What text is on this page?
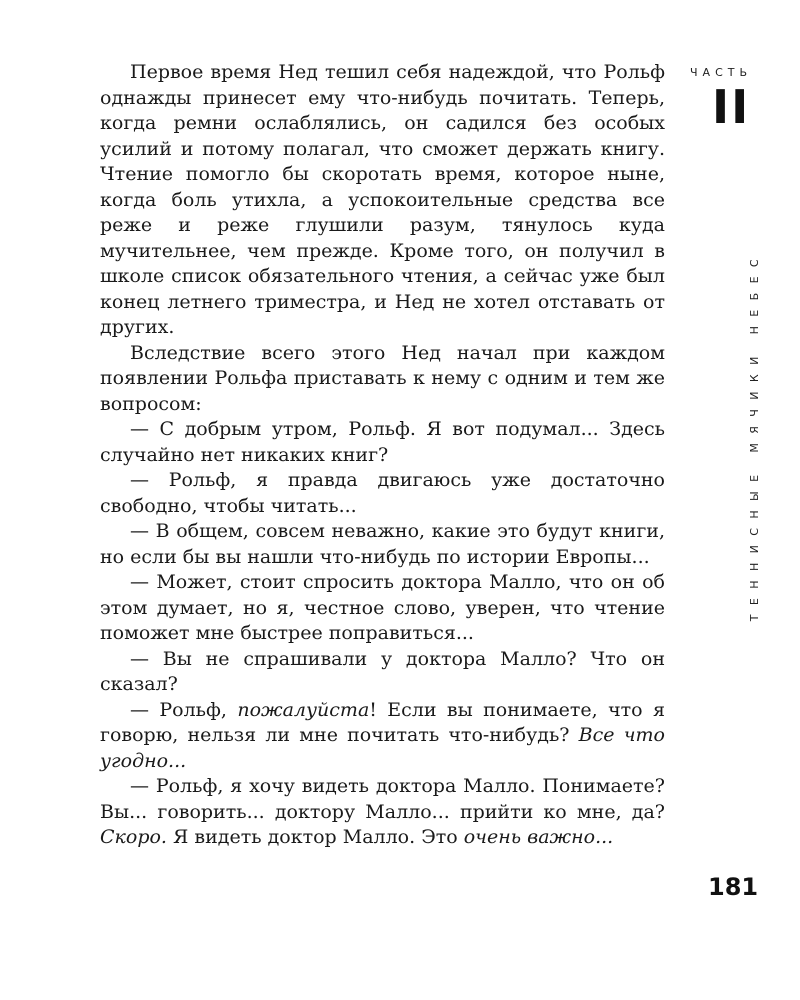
Первое время Нед тешил себя надеждой, что Рольф однажды принесет ему что-нибудь почитать. Теперь, когда ремни ослаблялись, он садился без особых усилий и потому полагал, что сможет держать книгу. Чтение помогло бы скоротать время, которое ныне, когда боль утихла, а успокоительные средства все реже и реже глушили разум, тянулось куда мучительнее, чем прежде. Кроме того, он получил в школе список обязательного чтения, а сейчас уже был конец летнего триместра, и Нед не хотел отставать от других.

Вследствие всего этого Нед начал при каждом появлении Рольфа приставать к нему с одним и тем же вопросом:

— С добрым утром, Рольф. Я вот подумал... Здесь случайно нет никаких книг?

— Рольф, я правда двигаюсь уже достаточно свободно, чтобы читать...

— В общем, совсем неважно, какие это будут книги, но если бы вы нашли что-нибудь по истории Европы...

— Может, стоит спросить доктора Малло, что он об этом думает, но я, честное слово, уверен, что чтение поможет мне быстрее поправиться...

— Вы не спрашивали у доктора Малло? Что он сказал?

— Рольф, пожалуйста! Если вы понимаете, что я говорю, нельзя ли мне почитать что-нибудь? Все что угодно...

— Рольф, я хочу видеть доктора Малло. Понимаете? Вы... говорить... доктору Малло... прийти ко мне, да? Скоро. Я видеть доктор Малло. Это очень важно...

ЧАСТЬ
II
ТЕННИСНЫЕ МЯЧИКИ НЕБЕС
181
